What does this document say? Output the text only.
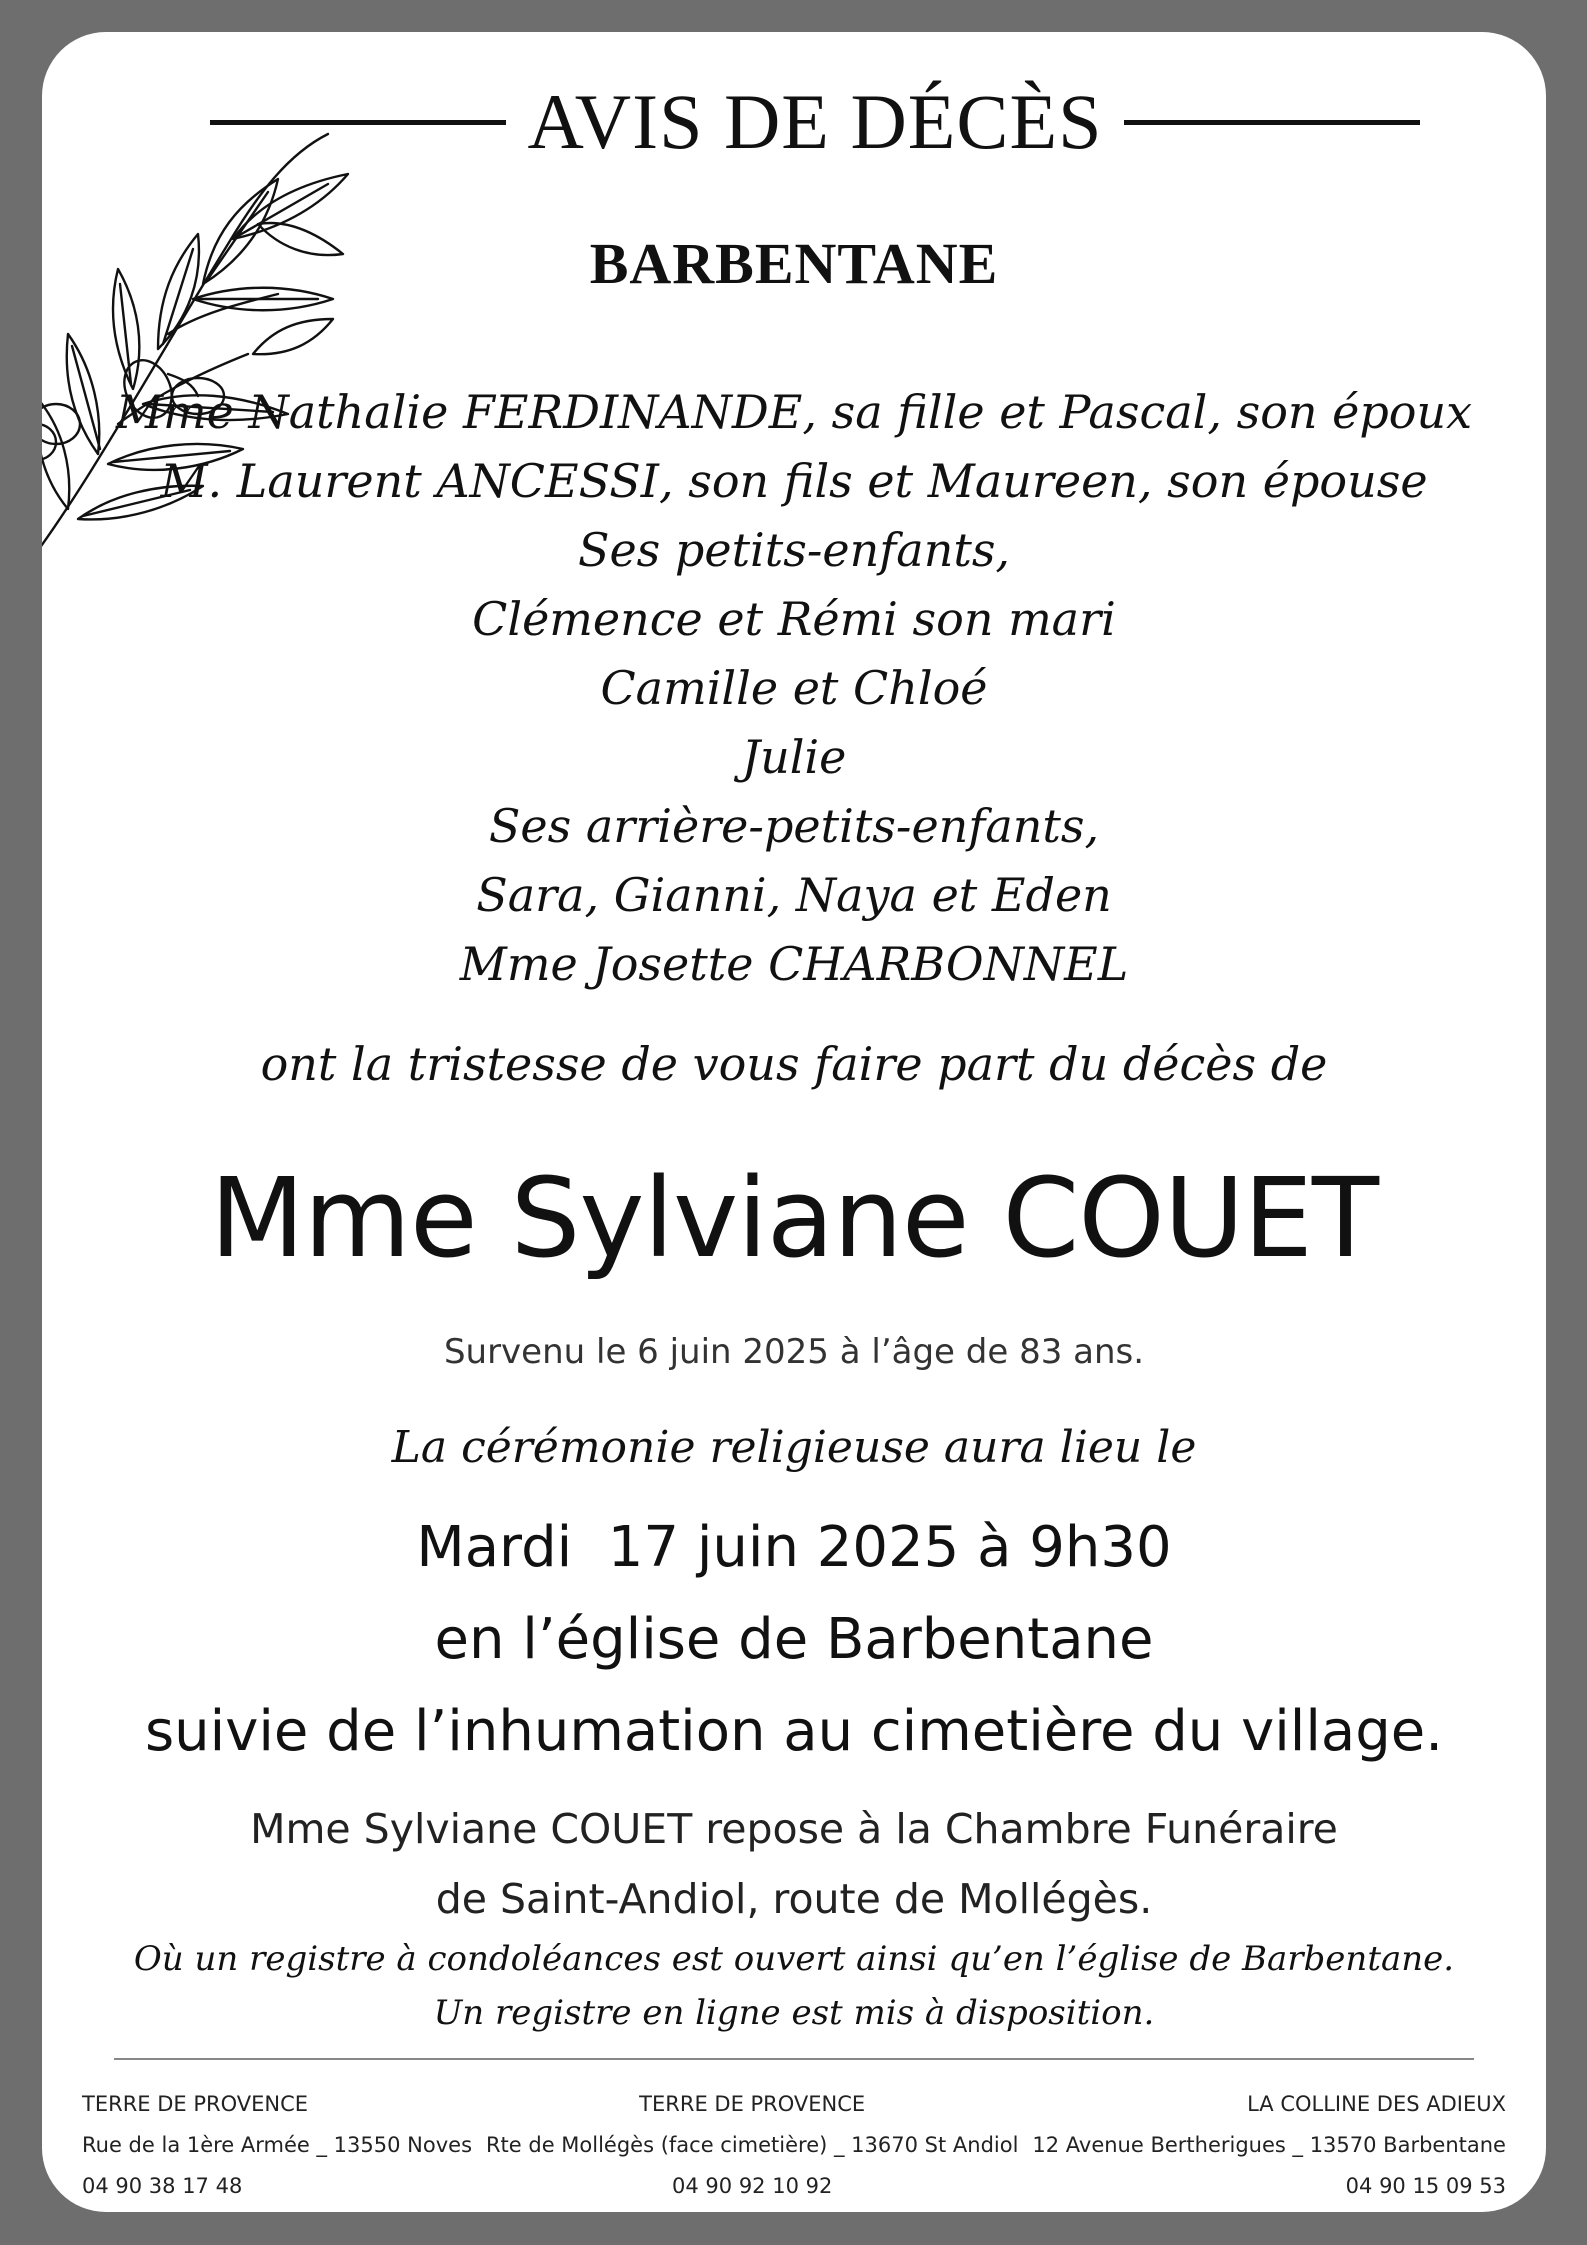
AVIS DE DÉCÈS
BARBENTANE
Mme Nathalie FERDINANDE, sa fille et Pascal, son époux
M. Laurent ANCESSI, son fils et Maureen, son épouse
Ses petits-enfants,
Clémence et Rémi son mari
Camille et Chloé
Julie
Ses arrière-petits-enfants,
Sara, Gianni, Naya et Eden
Mme Josette CHARBONNEL
ont la tristesse de vous faire part du décès de
Mme Sylviane COUET
Survenu le 6 juin 2025 à l’âge de 83 ans.
La cérémonie religieuse aura lieu le
Mardi  17 juin 2025 à 9h30
en l’église de Barbentane
suivie de l’inhumation au cimetière du village.
Mme Sylviane COUET repose à la Chambre Funéraire
de Saint-Andiol, route de Mollégès.
Où un registre à condoléances est ouvert ainsi qu’en l’église de Barbentane.
Un registre en ligne est mis à disposition.
TERRE DE PROVENCE
Rue de la 1ère Armée _ 13550 Noves
04 90 38 17 48
TERRE DE PROVENCE
Rte de Mollégès (face cimetière) _ 13670 St Andiol
04 90 92 10 92
LA COLLINE DES ADIEUX
12 Avenue Bertherigues _ 13570 Barbentane
04 90 15 09 53
